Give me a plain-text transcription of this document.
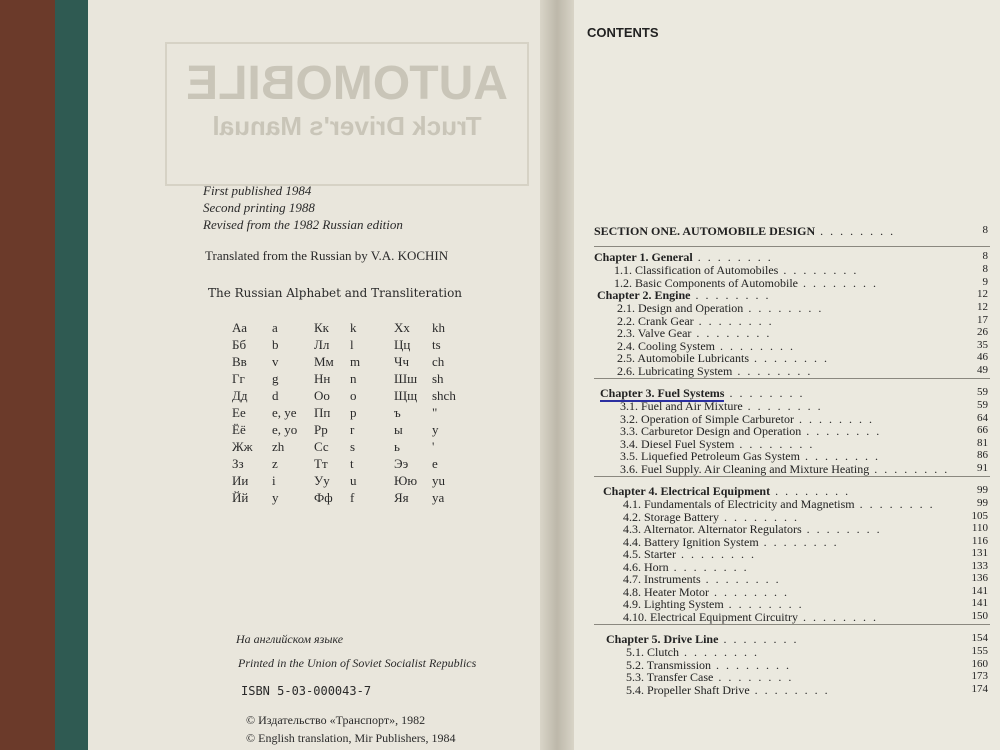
AUTOMOBILE
Truck Driver's Manual
First published 1984
Second printing 1988
Revised from the 1982 Russian edition
Translated from the Russian by V.A. KOCHIN
The Russian Alphabet and Transliteration
Аа a	Кк k	Хх kh
Бб b	Лл l	Цц ts
Вв v	Мм m	Чч ch
Гг g	Нн n	Шш sh
Дд d	Оо o	Щщ shch
Ее e, ye Пп p	ъ "
Ёё e, yo Рр r	ы y
Жж zh Сс s	ь '
Зз z	Тт t	Ээ e
Ии i	Уу u	Юю yu
Йй y	Фф f	Яя ya
На английском языке
Printed in the Union of Soviet Socialist Republics
ISBN 5-03-000043-7
© Издательство «Транспорт», 1982
© English translation, Mir Publishers, 1984
CONTENTS
SECTION ONE. AUTOMOBILE DESIGN . . . . . . . .	8
Chapter 1. General . . . . . . . .	8
1.1. Classification of Automobiles . . . . . . . .	8
1.2. Basic Components of Automobile . . . . . . . .	9
Chapter 2. Engine . . . . . . . .	12
2.1. Design and Operation . . . . . . . .	12
2.2. Crank Gear . . . . . . . .	17
2.3. Valve Gear . . . . . . . .	26
2.4. Cooling System . . . . . . . .	35
2.5. Automobile Lubricants . . . . . . . .	46
2.6. Lubricating System . . . . . . . .	49
Chapter 3. Fuel Systems . . . . . . . .	59
3.1. Fuel and Air Mixture . . . . . . . .	59
3.2. Operation of Simple Carburetor . . . . . . . .	64
3.3. Carburetor Design and Operation . . . . . . . .	66
3.4. Diesel Fuel System . . . . . . . .	81
3.5. Liquefied Petroleum Gas System . . . . . . . .	86
3.6. Fuel Supply. Air Cleaning and Mixture Heating . . . . . . . .	91
Chapter 4. Electrical Equipment . . . . . . . .	99
4.1. Fundamentals of Electricity and Magnetism . . . . . . . .	99
4.2. Storage Battery . . . . . . . .	105
4.3. Alternator. Alternator Regulators . . . . . . . .	110
4.4. Battery Ignition System . . . . . . . .	116
4.5. Starter . . . . . . . .	131
4.6. Horn . . . . . . . .	133
4.7. Instruments . . . . . . . .	136
4.8. Heater Motor . . . . . . . .	141
4.9. Lighting System . . . . . . . .	141
4.10. Electrical Equipment Circuitry . . . . . . . .	150
Chapter 5. Drive Line . . . . . . . .	154
5.1. Clutch . . . . . . . .	155
5.2. Transmission . . . . . . . .	160
5.3. Transfer Case . . . . . . . .	173
5.4. Propeller Shaft Drive . . . . . . . .	174
